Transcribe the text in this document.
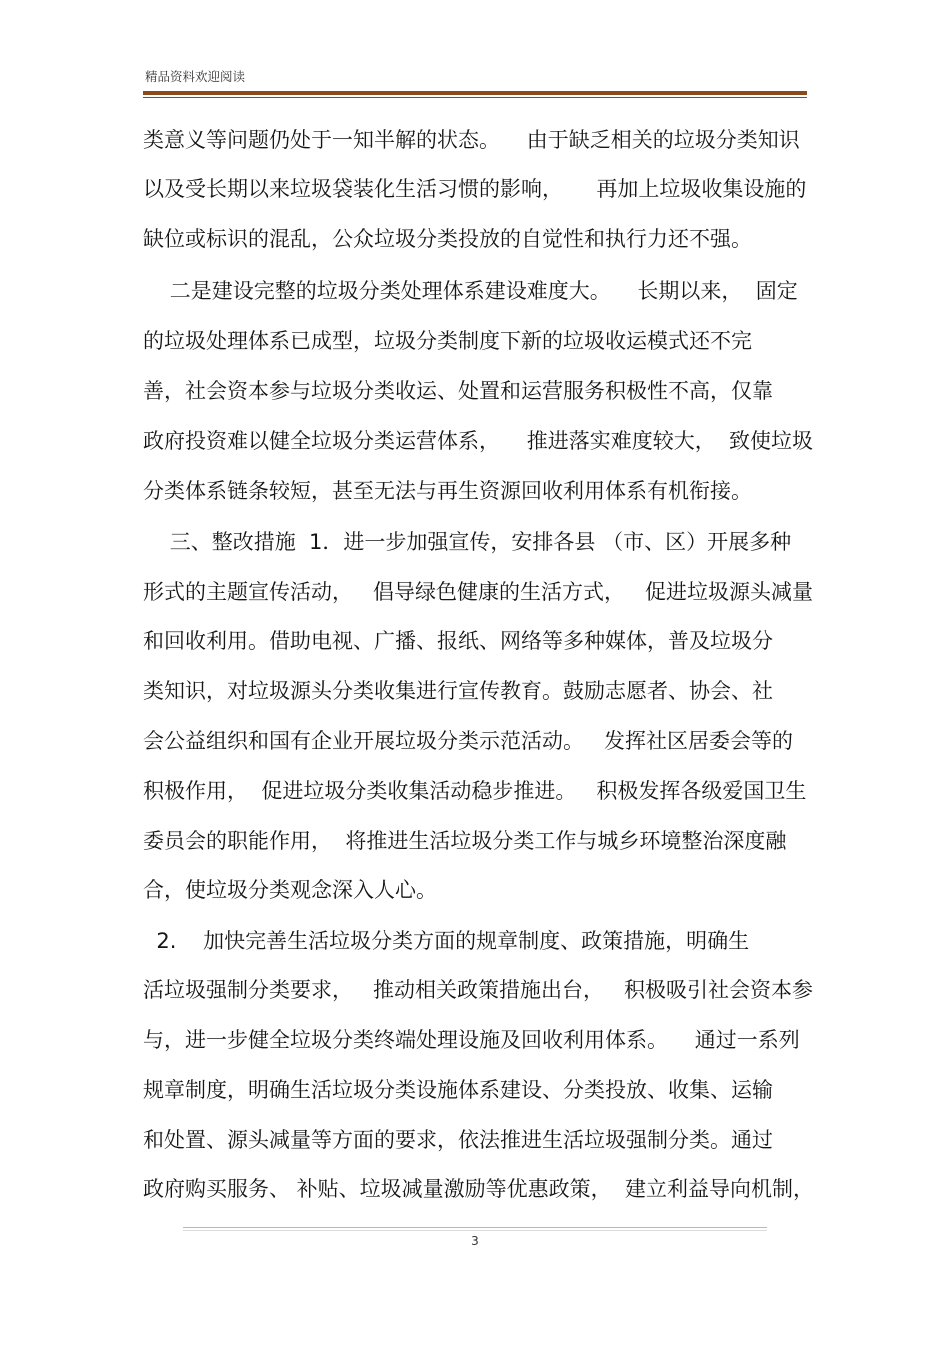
精品资料欢迎阅读
类意义等问题仍处于一知半解的状态。    由于缺乏相关的垃圾分类知识
以及受长期以来垃圾袋装化生活习惯的影响，     再加上垃圾收集设施的
缺位或标识的混乱，公众垃圾分类投放的自觉性和执行力还不强。
二是建设完整的垃圾分类处理体系建设难度大。    长期以来，  固定
的垃圾处理体系已成型，垃圾分类制度下新的垃圾收运模式还不完
善，社会资本参与垃圾分类收运、处置和运营服务积极性不高，仅靠
政府投资难以健全垃圾分类运营体系，    推进落实难度较大，  致使垃圾
分类体系链条较短，甚至无法与再生资源回收利用体系有机衔接。
三、整改措施  1．进一步加强宣传，安排各县 （市、区）开展多种
形式的主题宣传活动，   倡导绿色健康的生活方式，   促进垃圾源头减量
和回收利用。借助电视、广播、报纸、网络等多种媒体，普及垃圾分
类知识，对垃圾源头分类收集进行宣传教育。鼓励志愿者、协会、社
会公益组织和国有企业开展垃圾分类示范活动。   发挥社区居委会等的
积极作用，  促进垃圾分类收集活动稳步推进。   积极发挥各级爱国卫生
委员会的职能作用，  将推进生活垃圾分类工作与城乡环境整治深度融
合，使垃圾分类观念深入人心。
2.    加快完善生活垃圾分类方面的规章制度、政策措施，明确生
活垃圾强制分类要求，   推动相关政策措施出台，   积极吸引社会资本参
与，进一步健全垃圾分类终端处理设施及回收利用体系。    通过一系列
规章制度，明确生活垃圾分类设施体系建设、分类投放、收集、运输
和处置、源头减量等方面的要求，依法推进生活垃圾强制分类。通过
政府购买服务、 补贴、垃圾减量激励等优惠政策，  建立利益导向机制，
3
